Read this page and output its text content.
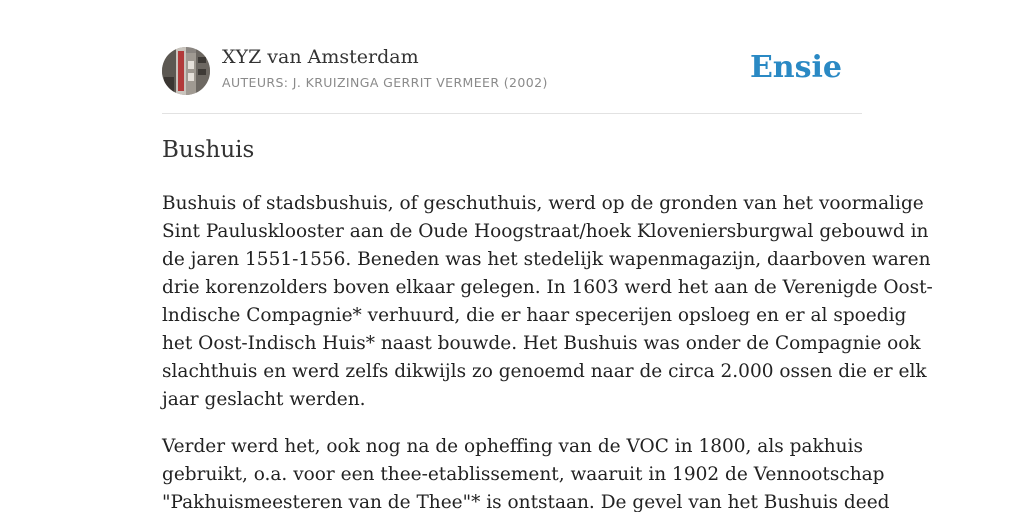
XYZ van Amsterdam
AUTEURS: J. KRUIZINGA GERRIT VERMEER (2002)	Ensie
Bushuis

Bushuis of stadsbushuis, of geschuthuis, werd op de gronden van het voormalige
Sint Paulusklooster aan de Oude Hoogstraat/hoek Kloveniersburgwal gebouwd in
de jaren 1551-1556. Beneden was het stedelijk wapenmagazijn, daarboven waren
drie korenzolders boven elkaar gelegen. In 1603 werd het aan de Verenigde Oost-
lndische Compagnie* verhuurd, die er haar specerijen opsloeg en er al spoedig
het Oost-Indisch Huis* naast bouwde. Het Bushuis was onder de Compagnie ook
slachthuis en werd zelfs dikwijls zo genoemd naar de circa 2.000 ossen die er elk
jaar geslacht werden.

Verder werd het, ook nog na de opheffing van de VOC in 1800, als pakhuis
gebruikt, o.a. voor een thee-etablissement, waaruit in 1902 de Vennootschap
"Pakhuismeesteren van de Thee"* is ontstaan. De gevel van het Bushuis deed
